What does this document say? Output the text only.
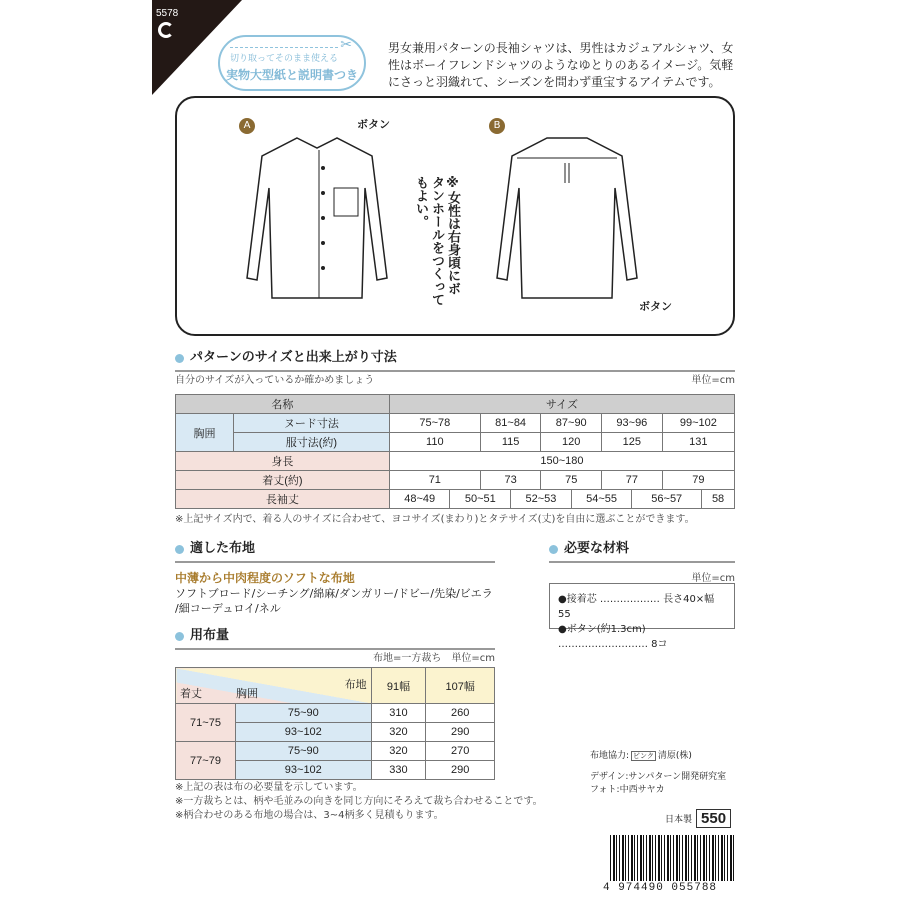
5578
✂
切り取ってそのまま使える
実物大型紙と説明書つき
男女兼用パターンの長袖シャツは、男性はカジュアルシャツ、女性はボーイフレンドシャツのようなゆとりのあるイメージ。気軽にさっと羽織れて、シーズンを問わず重宝するアイテムです。
A	B
ボタン
ボタン
※女性は右身頃にボタンホールをつくってもよい。
パターンのサイズと出来上がり寸法
自分のサイズが入っているか確かめましょう	単位=cm
名称		サイズ									
胸囲	ヌード寸法	75~78		81~84		87~90		93~96		99~102	
	服寸法(約)	110		115		120		125		131	
身長		150~180									
着丈(約)		71		73		75		77		79	
長袖丈		48~49	50~51		52~53		54~55		56~57		58
※上記サイズ内で、着る人のサイズに合わせて、ヨコサイズ(まわり)とタテサイズ(丈)を自由に選ぶことができます。
適した布地
中薄から中肉程度のソフトな布地
ソフトブロード/シーチング/綿麻/ダンガリー/ドビー/先染/ビエラ
/細コーデュロイ/ネル
必要な材料
単位=cm
●接着芯 ……………… 長さ40×幅55
●ボタン(約1.3cm) ……………………… 8コ
用布量
布地=一方裁ち　単位=cm
着丈 胸囲
布地		91幅	107幅
71~75	75~90	310	260
	93~102	320	290
77~79	75~90	320	270
	93~102	330	290
※上記の表は布の必要量を示しています。
※一方裁ちとは、柄や毛並みの向きを同じ方向にそろえて裁ち合わせることです。
※柄合わせのある布地の場合は、3~4柄多く見積もります。
布地協力: ビンク 清原(株)
デザイン:サンパターン開発研究室
フォト:中西サヤカ
日本製 550
4 974490 055788
